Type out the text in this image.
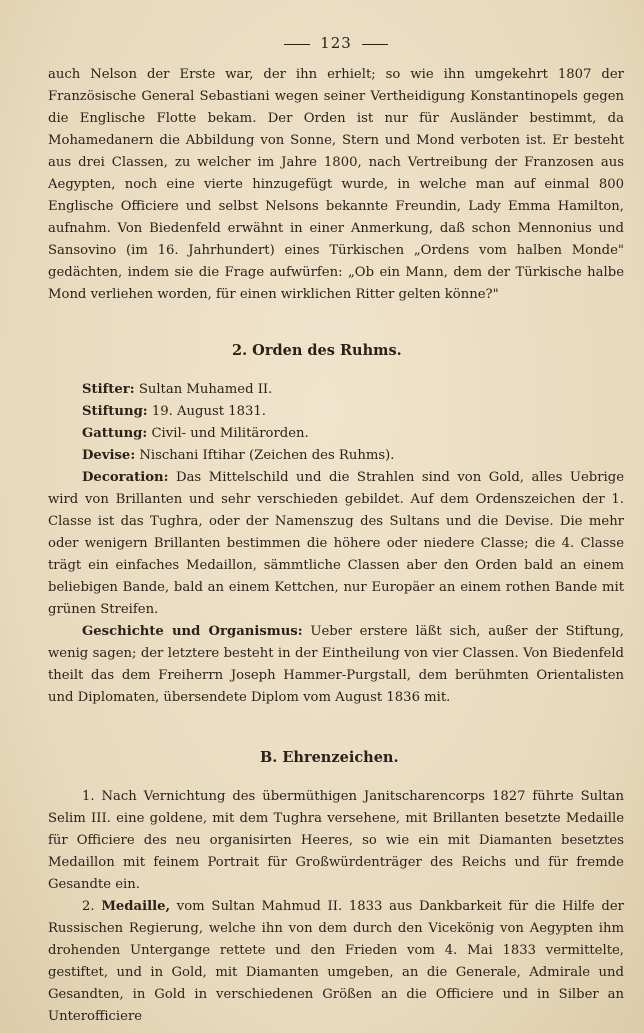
123

auch Nelson der Erste war, der ihn erhielt; so wie ihn umgekehrt 1807 der Französische General Sebastiani wegen seiner Vertheidigung Konstantinopels gegen die Englische Flotte bekam. Der Orden ist nur für Ausländer bestimmt, da Mohamedanern die Abbildung von Sonne, Stern und Mond verboten ist. Er besteht aus drei Classen, zu welcher im Jahre 1800, nach Vertreibung der Franzosen aus Aegypten, noch eine vierte hinzugefügt wurde, in welche man auf einmal 800 Englische Officiere und selbst Nelsons bekannte Freundin, Lady Emma Hamilton, aufnahm. Von Biedenfeld erwähnt in einer Anmerkung, daß schon Mennonius und Sansovino (im 16. Jahrhundert) eines Türkischen „Ordens vom halben Monde" gedächten, indem sie die Frage aufwürfen: „Ob ein Mann, dem der Türkische halbe Mond verliehen worden, für einen wirklichen Ritter gelten könne?"

2. Orden des Ruhms.

Stifter: Sultan Muhamed II.

Stiftung: 19. August 1831.

Gattung: Civil- und Militärorden.

Devise: Nischani Iftihar (Zeichen des Ruhms).

Decoration: Das Mittelschild und die Strahlen sind von Gold, alles Uebrige wird von Brillanten und sehr verschieden gebildet. Auf dem Ordenszeichen der 1. Classe ist das Tughra, oder der Namenszug des Sultans und die Devise. Die mehr oder wenigern Brillanten bestimmen die höhere oder niedere Classe; die 4. Classe trägt ein einfaches Medaillon, sämmtliche Classen aber den Orden bald an einem beliebigen Bande, bald an einem Kettchen, nur Europäer an einem rothen Bande mit grünen Streifen.

Geschichte und Organismus: Ueber erstere läßt sich, außer der Stiftung, wenig sagen; der letztere besteht in der Eintheilung von vier Classen. Von Biedenfeld theilt das dem Freiherrn Joseph Hammer-Purgstall, dem berühmten Orientalisten und Diplomaten, übersendete Diplom vom August 1836 mit.

B. Ehrenzeichen.

1. Nach Vernichtung des übermüthigen Janitscharencorps 1827 führte Sultan Selim III. eine goldene, mit dem Tughra versehene, mit Brillanten besetzte Medaille für Officiere des neu organisirten Heeres, so wie ein mit Diamanten besetztes Medaillon mit feinem Portrait für Großwürdenträger des Reichs und für fremde Gesandte ein.

2. Medaille, vom Sultan Mahmud II. 1833 aus Dankbarkeit für die Hilfe der Russischen Regierung, welche ihn von dem durch den Vicekönig von Aegypten ihm drohenden Untergange rettete und den Frieden vom 4. Mai 1833 vermittelte, gestiftet, und in Gold, mit Diamanten umgeben, an die Generale, Admirale und Gesandten, in Gold in verschiedenen Größen an die Officiere und in Silber an Unterofficiere
